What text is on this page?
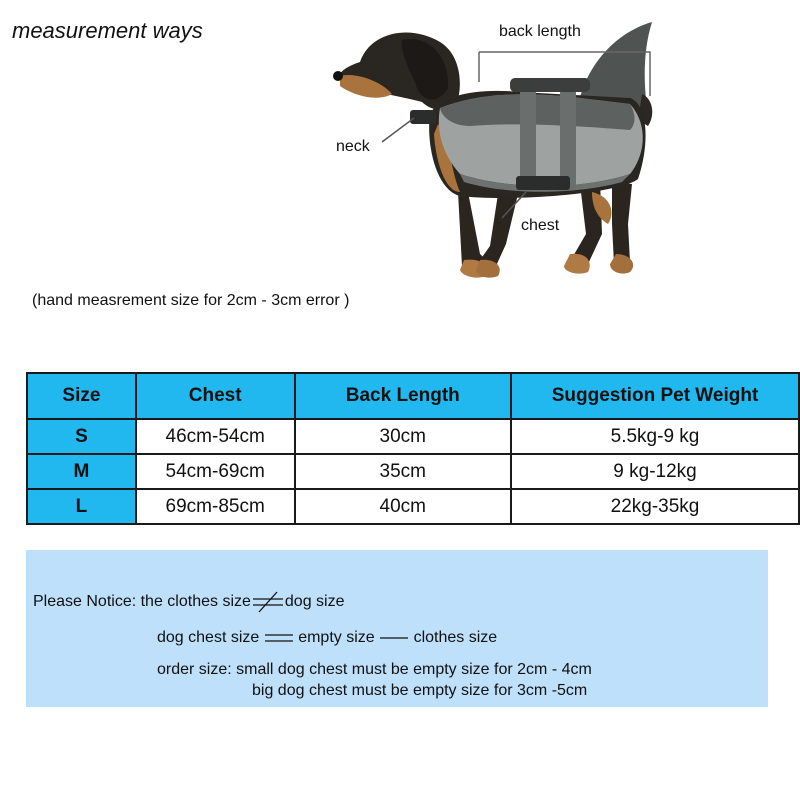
measurement ways	back length
neck
chest
(hand measrement size for 2cm - 3cm error )
Size	Chest	Back Length	Suggestion Pet Weight
S	46cm-54cm	30cm	5.5kg-9 kg
M	54cm-69cm	35cm	9 kg-12kg
L	69cm-85cm	40cm	22kg-35kg
Please Notice: the clothes size dog size
dog chest size empty size clothes size
order size: small dog chest must be empty size for 2cm - 4cm
big dog chest must be empty size for 3cm -5cm
